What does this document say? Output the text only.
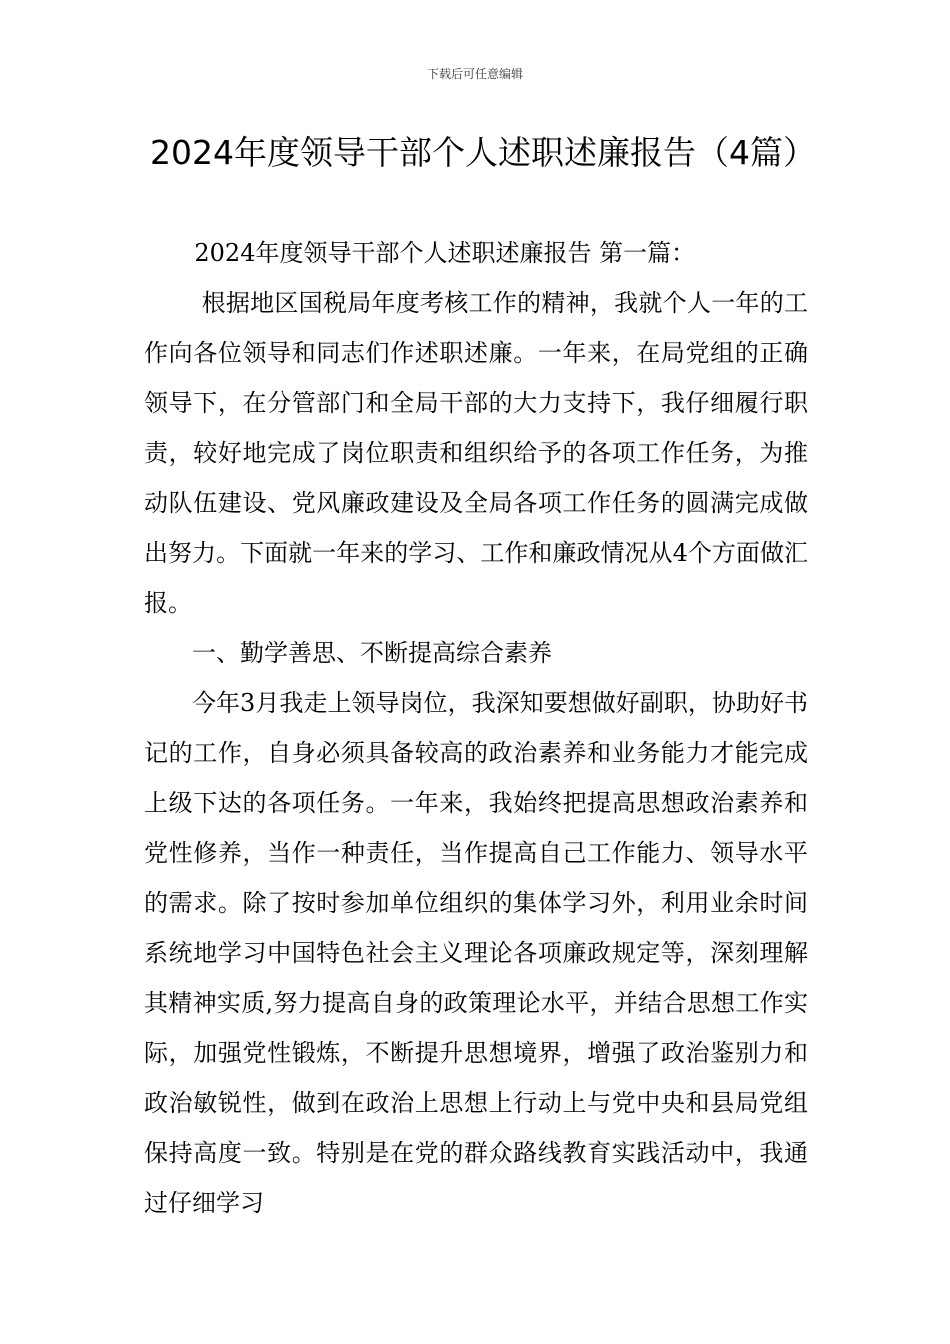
下载后可任意编辑
2024年度领导干部个人述职述廉报告（4篇）

2024年度领导干部个人述职述廉报告 第一篇：

根据地区国税局年度考核工作的精神，我就个人一年的工作向各位领导和同志们作述职述廉。一年来，在局党组的正确领导下，在分管部门和全局干部的大力支持下，我仔细履行职责，较好地完成了岗位职责和组织给予的各项工作任务，为推动队伍建设、党风廉政建设及全局各项工作任务的圆满完成做出努力。下面就一年来的学习、工作和廉政情况从4个方面做汇报。

一、勤学善思、不断提高综合素养

今年3月我走上领导岗位，我深知要想做好副职，协助好书记的工作，自身必须具备较高的政治素养和业务能力才能完成上级下达的各项任务。一年来，我始终把提高思想政治素养和党性修养，当作一种责任，当作提高自己工作能力、领导水平的需求。除了按时参加单位组织的集体学习外，利用业余时间系统地学习中国特色社会主义理论各项廉政规定等，深刻理解其精神实质,努力提高自身的政策理论水平，并结合思想工作实际，加强党性锻炼，不断提升思想境界，增强了政治鉴别力和政治敏锐性，做到在政治上思想上行动上与党中央和县局党组保持高度一致。特别是在党的群众路线教育实践活动中，我通过仔细学习
